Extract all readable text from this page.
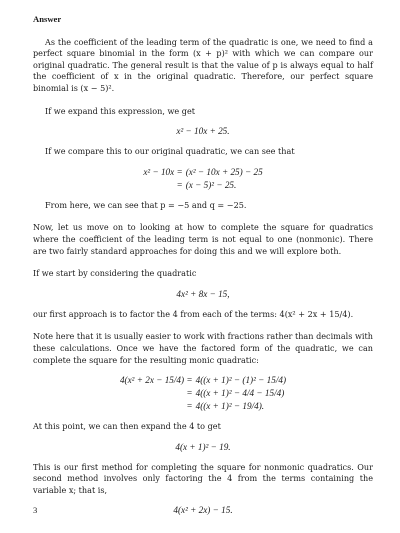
Answer

As the coefficient of the leading term of the quadratic is one, we need to find a perfect square binomial in the form (x + p)² with which we can compare our original quadratic. The general result is that the value of p is always equal to half the coefficient of x in the original quadratic. Therefore, our perfect square binomial is (x − 5)².

If we expand this expression, we get

x² − 10x + 25.

If we compare this to our original quadratic, we can see that

x² − 10x = (x² − 10x + 25) − 25
= (x − 5)² − 25.

From here, we can see that p = −5 and q = −25.

Now, let us move on to looking at how to complete the square for quadratics where the coefficient of the leading term is not equal to one (nonmonic). There are two fairly standard approaches for doing this and we will explore both.

If we start by considering the quadratic

4x² + 8x − 15,

our first approach is to factor the 4 from each of the terms: 4(x² + 2x + 15/4).

Note here that it is usually easier to work with fractions rather than decimals with these calculations. Once we have the factored form of the quadratic, we can complete the square for the resulting monic quadratic:

4(x² + 2x − 15/4) = 4((x + 1)² − (1)² − 15/4)
= 4((x + 1)² − 4/4 − 15/4)
= 4((x + 1)² − 19/4).

At this point, we can then expand the 4 to get

4(x + 1)² − 19.

This is our first method for completing the square for nonmonic quadratics. Our second method involves only factoring the 4 from the terms containing the variable x; that is,

4(x² + 2x) − 15.
3
